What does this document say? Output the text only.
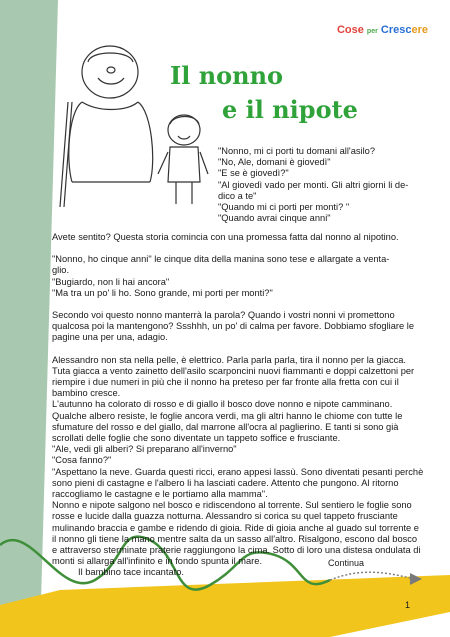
Cose per Crescere
Il nonno
e il nipote

"Nonno, mi ci porti tu domani all'asilo?

"No, Ale, domani è giovedì"

"E se è giovedì?"

"Al giovedì vado per monti. Gli altri giorni li de-

dico a te"

"Quando mi ci porti per monti? "

"Quando avrai cinque anni"

Avete sentito? Questa storia comincia con una promessa fatta dal nonno al nipotino.

"Nonno, ho cinque anni" le cinque dita della manina sono tese e allargate a venta-

glio.

"Bugiardo, non li hai ancora"

"Ma tra un po' li ho. Sono grande, mi porti per monti?"

Secondo voi questo nonno manterrà la parola? Quando i vostri nonni vi promettono qualcosa poi la mantengono? Ssshhh, un po' di calma per favore. Dobbiamo sfogliare le pagine una per una, adagio.

Alessandro non sta nella pelle, è elettrico. Parla parla parla, tira il nonno per la giacca. Tuta giacca a vento zainetto dell'asilo scarponcini nuovi fiammanti e doppi calzettoni per riempire i due numeri in più che il nonno ha preteso per far fronte alla fretta con cui il bambino cresce.

L'autunno ha colorato di rosso e di giallo il bosco dove nonno e nipote camminano. Qualche albero resiste, le foglie ancora verdi, ma gli altri hanno le chiome con tutte le sfumature del rosso e del giallo, dal marrone all'ocra al paglierino. E tanti si sono già scrollati delle foglie che sono diventate un tappeto soffice e frusciante.

"Ale, vedi gli alberi? Si preparano all'inverno"

"Cosa fanno?"

"Aspettano la neve. Guarda questi ricci, erano appesi lassù. Sono diventati pesanti perchè sono pieni di castagne e l'albero li ha lasciati cadere. Attento che pungono. Al ritorno raccogliamo le castagne e le portiamo alla mamma".

Nonno e nipote salgono nel bosco e ridiscendono al torrente. Sul sentiero le foglie sono rosse e lucide dalla guazza notturna. Alessandro si corica su quel tappeto frusciante mulinando braccia e gambe e ridendo di gioia. Ride di gioia anche al guado sul torrente e il nonno gli tiene la mano mentre salta da un sasso all'altro. Risalgono, escono dal bosco e attraverso sterminate praterie raggiungono la cima. Sotto di loro una distesa ondulata di monti si allarga all'infinito e in fondo spunta il mare.

Il bambino tace incantato.

Continua
1
